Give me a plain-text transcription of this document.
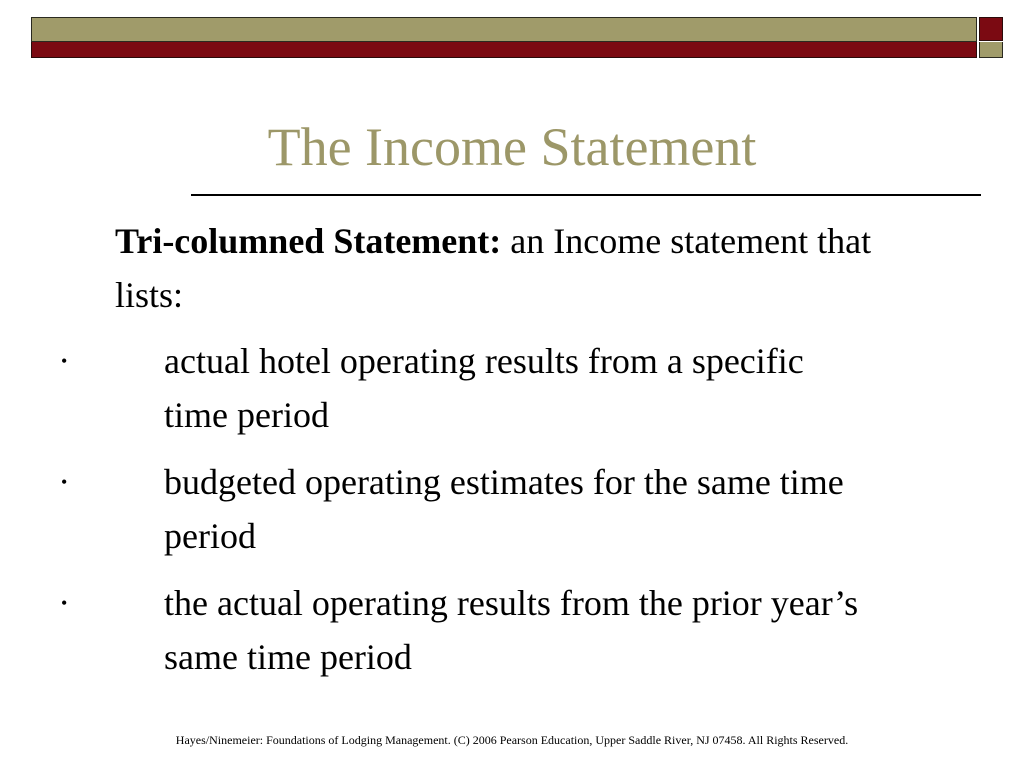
The Income Statement

Tri-columned Statement: an Income statement that lists:

•	actual hotel operating results from a specific time period
•	budgeted operating estimates for the same time period
•	the actual operating results from the prior year’s same time period
Hayes/Ninemeier: Foundations of Lodging Management. (C) 2006 Pearson Education, Upper Saddle River, NJ 07458. All Rights Reserved.
